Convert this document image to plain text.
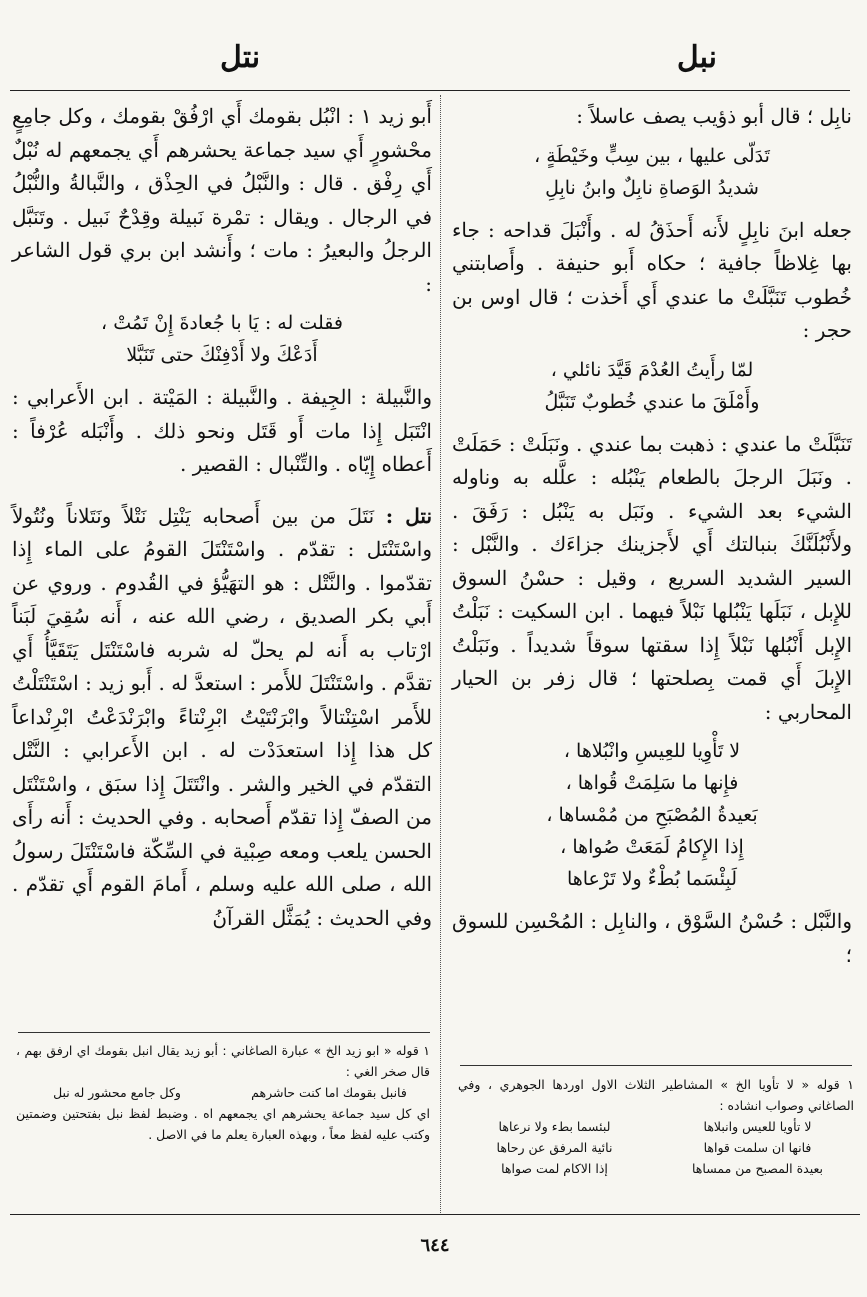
نبل
نتل

نابِل ؛ قال أبو ذؤيب يصف عاسلاً :

تَدَلّى عليها ، بين سِبٍّ وخَيْطَةٍ ،
شديدُ الوَصاةِ نابِلٌ وابنُ نابِلِ

جعله ابنَ نابِلٍ لأَنه أَحذَقُ له . وأَنْبَلَ قداحه : جاء بها غِلاظاً جافية ؛ حكاه أَبو حنيفة . وأَصابتني خُطوب تَنَبَّلَتْ ما عندي أَي أَخذت ؛ قال اوس بن حجر :

لمّا رأَيتُ العُدْمَ قَيَّدَ نائلي ،
وأَمْلَقَ ما عندي خُطوبٌ تَنَبَّلُ

تَنَبَّلَتْ ما عندي : ذهبت بما عندي . ونَبَلَتْ : حَمَلَتْ . ونَبَلَ الرجلَ بالطعام يَنْبُله : علَّله به وناوله الشيء بعد الشيء . ونَبَل به يَنْبُل : رَفَقَ . ولأَنْبُلَنَّكَ بنبالتك أَي لأَجزينك جزاءَك . والنَّبْل : السير الشديد السريع ، وقيل : حسْنُ السوق للإِبل ، نَبَلَها يَنْبُلها نَبْلاً فيهما . ابن السكيت : نَبَلْتُ الإِبل أَنْبُلها نَبْلاً إِذا سقتها سوقاً شديداً . ونَبَلْتُ الإِبلَ أَي قمت بِصلحتها ؛ قال زفر بن الحيار المحاربي :

لا تَأْوِيا للعِيسِ وانْبُلاها ،
فإِنها ما سَلِمَتْ قُواها ،
بَعيدةُ المُصْبَحِ من مُمْساها ،
إِذا الإِكامُ لَمَعَتْ صُواها ،
لَبِئْسَما بُطْءٌ ولا تَرْعاها

والنَّبْل : حُسْنُ السَّوْق ، والنابِل : المُحْسِن للسوق ؛

١ قوله « لا تأويا الخ » المشاطير الثلاث الاول اوردها الجوهري ، وفي الصاغاني وصواب انشاده :

لا تأويا للعيس وانبلاها
لبئسما بطء ولا نرعاها
فانها ان سلمت قواها
نائية المرفق عن رحاها
بعيدة المصبح من ممساها
إذا الاكام لمت صواها

أَبو زيد ١ : انْبُل بقومك أَي ارْفُقْ بقومك ، وكل جامِعٍ محْشورٍ أَي سيد جماعة يحشرهم أَي يجمعهم له نُبْلٌ أَي رِفْق . قال : والنَّبْلُ في الحِذْق ، والنَّبالةُ والنُّبْلُ في الرجال . ويقال : تمْرة نَبيلة وقِدْحٌ نَبيل . وتَنَبَّل الرجلُ والبعيرُ : مات ؛ وأَنشد ابن بري قول الشاعر :

فقلت له : يَا با جُعادةَ إِنْ تَمُتْ ،
أَدَعْكَ ولا أَدْفِنْكَ حتى تَنَبَّلا

والنَّبيلة : الجِيفة . والنَّبيلة : المَيْتة . ابن الأَعرابي : انْتَبَل إِذا مات أَو قَتَل ونحو ذلك . وأَنْبَله عُرْفاً : أَعطاه إِيّاه . والتِّنْبال : القصير .

نتل : نَتَلَ من بين أَصحابه يَنْتِل نَتْلاً ونَتَلاناً ونُتُولاً واسْتَنْتَل : تقدّم . واسْتَنْتَلَ القومُ على الماء إِذا تقدّموا . والنَّتْل : هو التهَيُّؤ في القُدوم . وروي عن أَبي بكر الصديق ، رضي الله عنه ، أَنه سُقِيَ لَبَناً ارْتاب به أَنه لم يحلّ له شربه فاسْتَنْتَل يَتَقَيَّأُ أَي تقدَّم . واسْتَنْتَلَ للأَمر : استعدَّ له . أَبو زيد : اسْتَنْتَلْتُ للأَمر اسْتِنْتالاً وابْرَنْتَيْتُ ابْرِنْتاءً وابْرَنْدَعْتُ ابْرِنْداعاً كل هذا إِذا استعدَدْت له . ابن الأَعرابي : النَّتْل التقدّم في الخير والشر . وانْتَتَلَ إِذا سبَق ، واسْتَنْتَل من الصفّ إِذا تقدّم أَصحابه . وفي الحديث : أَنه رأَى الحسن يلعب ومعه صِبْية في السِّكّة فاسْتَنْتَلَ رسولُ الله ، صلى الله عليه وسلم ، أَمامَ القوم أَي تقدّم . وفي الحديث : يُمَثَّل القرآنُ

١ قوله « ابو زيد الخ » عبارة الصاغاني : أبو زيد يقال انبل بقومك اي ارفق بهم ، قال صخر الغي :

فانبل بقومك اما كنت حاشرهم
وكل جامع محشور له نبل

اي كل سيد جماعة يحشرهم اي يجمعهم اه . وضبط لفظ نبل بفتحتين وضمتين وكتب عليه لفظ معاً ، وبهذه العبارة يعلم ما في الاصل .

٦٤٤
